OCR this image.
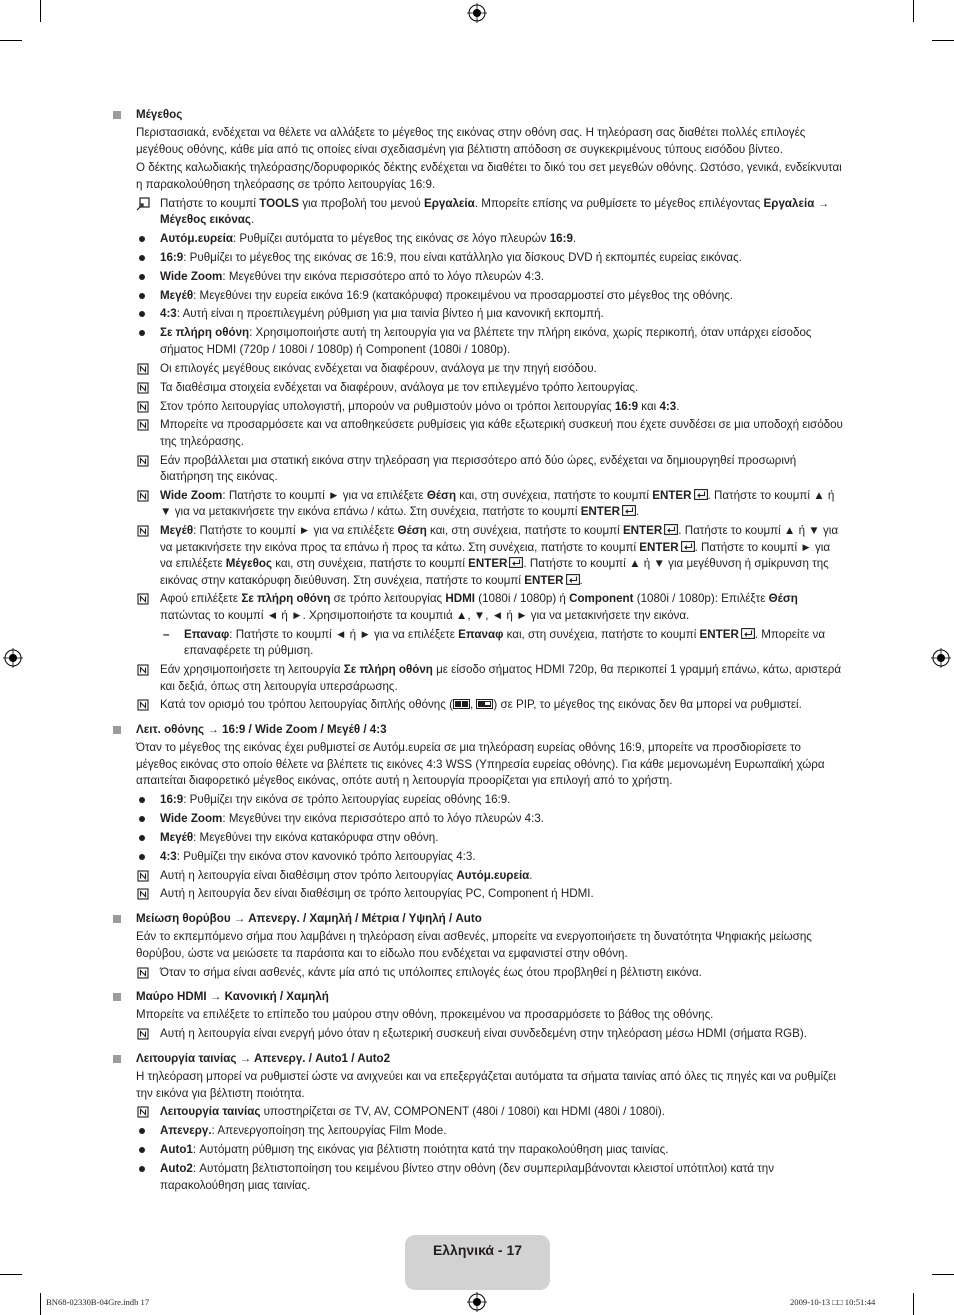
Μέγεθος
Περιστασιακά, ενδέχεται να θέλετε να αλλάξετε το μέγεθος της εικόνας στην οθόνη σας. Η τηλεόραση σας διαθέτει πολλές επιλογές μεγέθους οθόνης, κάθε μία από τις οποίες είναι σχεδιασμένη για βέλτιστη απόδοση σε συγκεκριμένους τύπους εισόδου βίντεο.
Ο δέκτης καλωδιακής τηλεόρασης/δορυφορικός δέκτης ενδέχεται να διαθέτει το δικό του σετ μεγεθών οθόνης. Ωστόσο, γενικά, ενδείκνυται η παρακολούθηση τηλεόρασης σε τρόπο λειτουργίας 16:9.
Πατήστε το κουμπί TOOLS για προβολή του μενού Εργαλεία. Μπορείτε επίσης να ρυθμίσετε το μέγεθος επιλέγοντας Εργαλεία → Μέγεθος εικόνας.
Αυτόμ.ευρεία: Ρυθμίζει αυτόματα το μέγεθος της εικόνας σε λόγο πλευρών 16:9.
16:9: Ρυθμίζει το μέγεθος της εικόνας σε 16:9, που είναι κατάλληλο για δίσκους DVD ή εκπομπές ευρείας εικόνας.
Wide Zoom: Μεγεθύνει την εικόνα περισσότερο από το λόγο πλευρών 4:3.
Μεγέθ: Μεγεθύνει την ευρεία εικόνα 16:9 (κατακόρυφα) προκειμένου να προσαρμοστεί στο μέγεθος της οθόνης.
4:3: Αυτή είναι η προεπιλεγμένη ρύθμιση για μια ταινία βίντεο ή μια κανονική εκπομπή.
Σε πλήρη οθόνη: Χρησιμοποιήστε αυτή τη λειτουργία για να βλέπετε την πλήρη εικόνα, χωρίς περικοπή, όταν υπάρχει είσοδος σήματος HDMI (720p / 1080i / 1080p) ή Component (1080i / 1080p).
Οι επιλογές μεγέθους εικόνας ενδέχεται να διαφέρουν, ανάλογα με την πηγή εισόδου.
Τα διαθέσιμα στοιχεία ενδέχεται να διαφέρουν, ανάλογα με τον επιλεγμένο τρόπο λειτουργίας.
Στον τρόπο λειτουργίας υπολογιστή, μπορούν να ρυθμιστούν μόνο οι τρόποι λειτουργίας 16:9 και 4:3.
Μπορείτε να προσαρμόσετε και να αποθηκεύσετε ρυθμίσεις για κάθε εξωτερική συσκευή που έχετε συνδέσει σε μια υποδοχή εισόδου της τηλεόρασης.
Εάν προβάλλεται μια στατική εικόνα στην τηλεόραση για περισσότερο από δύο ώρες, ενδέχεται να δημιουργηθεί προσωρινή διατήρηση της εικόνας.
Wide Zoom: Πατήστε το κουμπί ► για να επιλέξετε Θέση και, στη συνέχεια, πατήστε το κουμπί ENTER . Πατήστε το κουμπί ▲ ή ▼ για να μετακινήσετε την εικόνα επάνω / κάτω. Στη συνέχεια, πατήστε το κουμπί ENTER .
Μεγέθ: Πατήστε το κουμπί ► για να επιλέξετε Θέση και, στη συνέχεια, πατήστε το κουμπί ENTER . Πατήστε το κουμπί ▲ ή ▼ για να μετακινήσετε την εικόνα προς τα επάνω ή προς τα κάτω. Στη συνέχεια, πατήστε το κουμπί ENTER . Πατήστε το κουμπί ► για να επιλέξετε Μέγεθος και, στη συνέχεια, πατήστε το κουμπί ENTER . Πατήστε το κουμπί ▲ ή ▼ για μεγέθυνση ή σμίκρυνση της εικόνας στην κατακόρυφη διεύθυνση. Στη συνέχεια, πατήστε το κουμπί ENTER .
Αφού επιλέξετε Σε πλήρη οθόνη σε τρόπο λειτουργίας HDMI (1080i / 1080p) ή Component (1080i / 1080p): Επιλέξτε Θέση πατώντας το κουμπί ◄ ή ►. Χρησιμοποιήστε τα κουμπιά ▲, ▼, ◄ ή ► για να μετακινήσετε την εικόνα.
– Επαναφ: Πατήστε το κουμπί ◄ ή ► για να επιλέξετε Επαναφ και, στη συνέχεια, πατήστε το κουμπί ENTER . Μπορείτε να επαναφέρετε τη ρύθμιση.
Εάν χρησιμοποιήσετε τη λειτουργία Σε πλήρη οθόνη με είσοδο σήματος HDMI 720p, θα περικοπεί 1 γραμμή επάνω, κάτω, αριστερά και δεξιά, όπως στη λειτουργία υπερσάρωσης.
Κατά τον ορισμό του τρόπου λειτουργίας διπλής οθόνης ( , ) σε PIP, το μέγεθος της εικόνας δεν θα μπορεί να ρυθμιστεί.
Λειτ. οθόνης → 16:9 / Wide Zoom / Μεγέθ / 4:3
Όταν το μέγεθος της εικόνας έχει ρυθμιστεί σε Αυτόμ.ευρεία σε μια τηλεόραση ευρείας οθόνης 16:9, μπορείτε να προσδιορίσετε το μέγεθος εικόνας στο οποίο θέλετε να βλέπετε τις εικόνες 4:3 WSS (Υπηρεσία ευρείας οθόνης). Για κάθε μεμονωμένη Ευρωπαϊκή χώρα απαιτείται διαφορετικό μέγεθος εικόνας, οπότε αυτή η λειτουργία προορίζεται για επιλογή από το χρήστη.
16:9: Ρυθμίζει την εικόνα σε τρόπο λειτουργίας ευρείας οθόνης 16:9.
Wide Zoom: Μεγεθύνει την εικόνα περισσότερο από το λόγο πλευρών 4:3.
Μεγέθ: Μεγεθύνει την εικόνα κατακόρυφα στην οθόνη.
4:3: Ρυθμίζει την εικόνα στον κανονικό τρόπο λειτουργίας 4:3.
Αυτή η λειτουργία είναι διαθέσιμη στον τρόπο λειτουργίας Αυτόμ.ευρεία.
Αυτή η λειτουργία δεν είναι διαθέσιμη σε τρόπο λειτουργίας PC, Component ή HDMI.
Μείωση θορύβου → Απενεργ. / Χαμηλή / Μέτρια / Υψηλή / Auto
Εάν το εκπεμπόμενο σήμα που λαμβάνει η τηλεόραση είναι ασθενές, μπορείτε να ενεργοποιήσετε τη δυνατότητα Ψηφιακής μείωσης θορύβου, ώστε να μειώσετε τα παράσιτα και το είδωλο που ενδέχεται να εμφανιστεί στην οθόνη.
Όταν το σήμα είναι ασθενές, κάντε μία από τις υπόλοιπες επιλογές έως ότου προβληθεί η βέλτιστη εικόνα.
Μαύρο HDMI → Κανονική / Χαμηλή
Μπορείτε να επιλέξετε το επίπεδο του μαύρου στην οθόνη, προκειμένου να προσαρμόσετε το βάθος της οθόνης.
Αυτή η λειτουργία είναι ενεργή μόνο όταν η εξωτερική συσκευή είναι συνδεδεμένη στην τηλεόραση μέσω HDMI (σήματα RGB).
Λειτουργία ταινίας → Απενεργ. / Auto1 / Auto2
Η τηλεόραση μπορεί να ρυθμιστεί ώστε να ανιχνεύει και να επεξεργάζεται αυτόματα τα σήματα ταινίας από όλες τις πηγές και να ρυθμίζει την εικόνα για βέλτιστη ποιότητα.
Λειτουργία ταινίας υποστηρίζεται σε TV, AV, COMPONENT (480i / 1080i) και HDMI (480i / 1080i).
Απενεργ.: Απενεργοποίηση της λειτουργίας Film Mode.
Auto1: Αυτόματη ρύθμιση της εικόνας για βέλτιστη ποιότητα κατά την παρακολούθηση μιας ταινίας.
Auto2: Αυτόματη βελτιστοποίηση του κειμένου βίντεο στην οθόνη (δεν συμπεριλαμβάνονται κλειστοί υπότιτλοι) κατά την παρακολούθηση μιας ταινίας.
Ελληνικά - 17
BN68-02330B-04Gre.indb 17	2009-10-13 □□ 10:51:44
